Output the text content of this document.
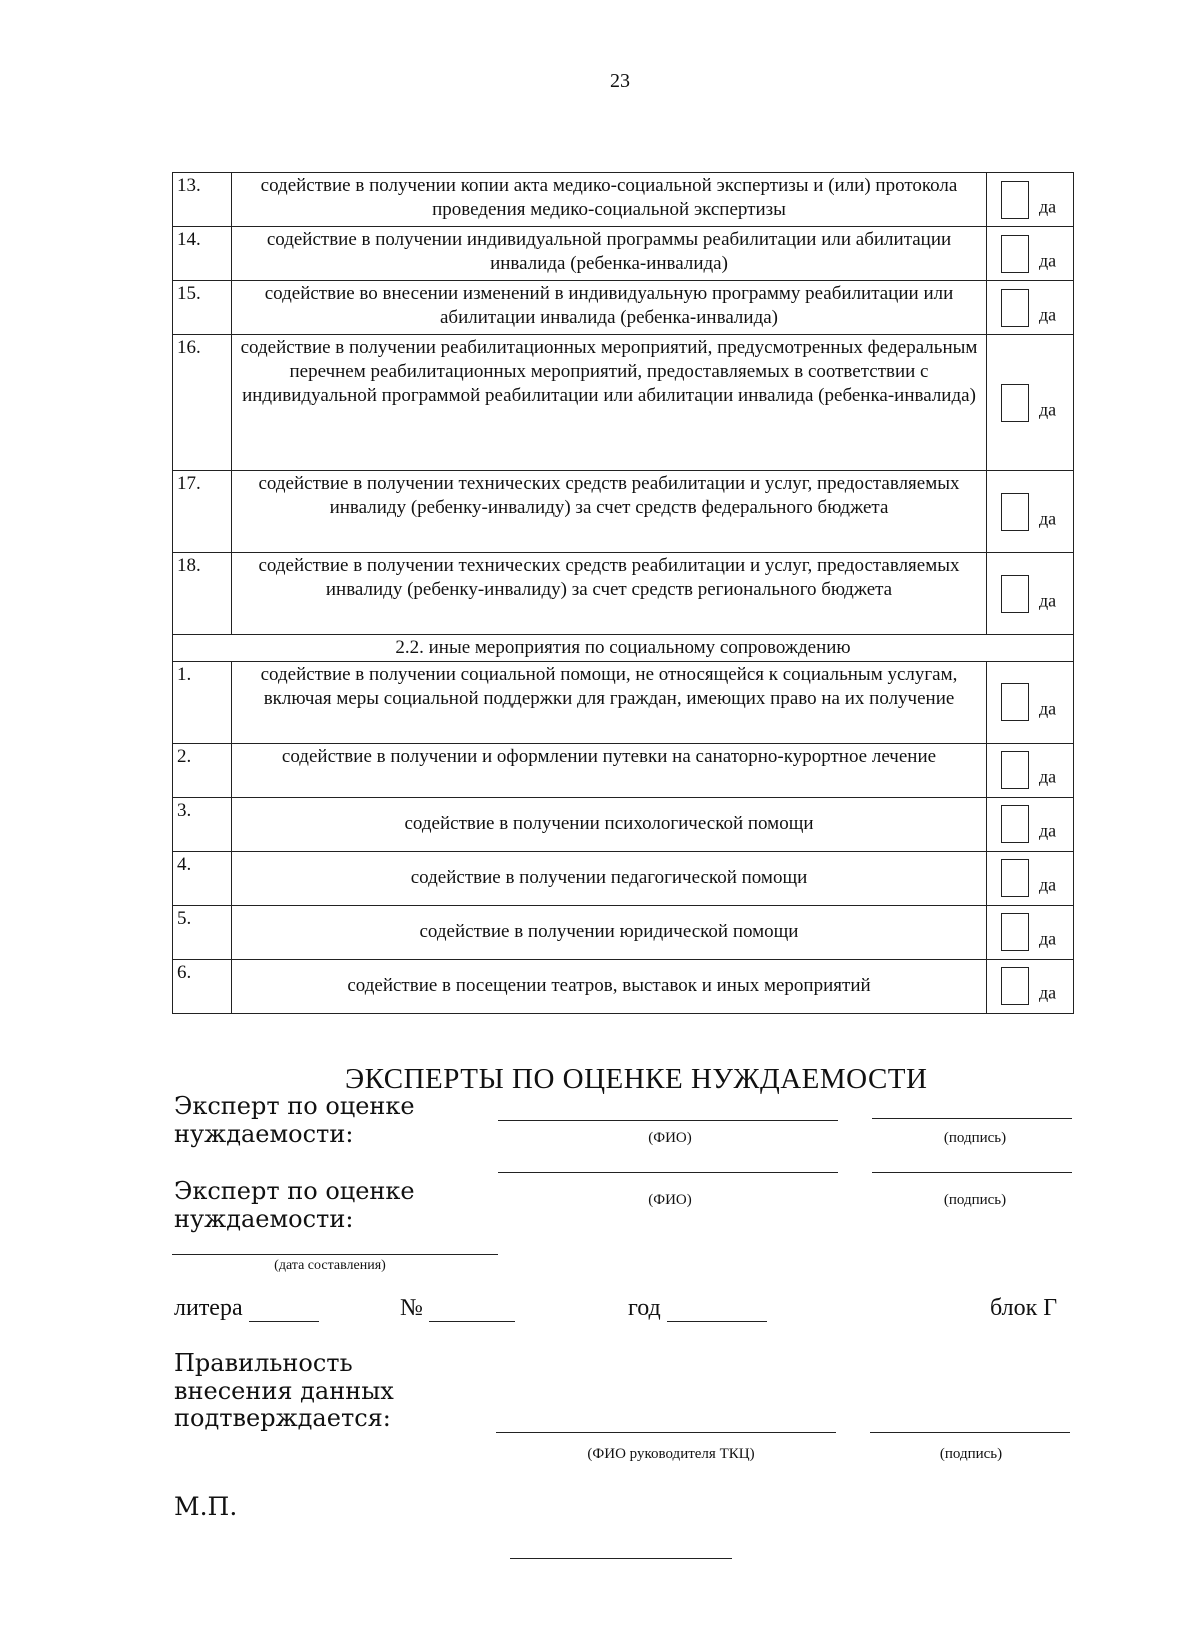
23
13.	содействие в получении копии акта медико-социальной экспертизы и (или) протокола проведения медико-социальной экспертизы	да

14.	содействие в получении индивидуальной программы реабилитации или абилитации инвалида (ребенка-инвалида)	да

15.	содействие во внесении изменений в индивидуальную программу реабилитации или абилитации инвалида (ребенка-инвалида)	да

16.	содействие в получении реабилитационных мероприятий, предусмотренных федеральным перечнем реабилитационных мероприятий, предоставляемых в соответствии с индивидуальной программой реабилитации или абилитации инвалида (ребенка-инвалида)	да

17.	содействие в получении технических средств реабилитации и услуг, предоставляемых инвалиду (ребенку-инвалиду) за счет средств федерального бюджета	да

18.	содействие в получении технических средств реабилитации и услуг, предоставляемых инвалиду (ребенку-инвалиду) за счет средств регионального бюджета	да

2.2. иные мероприятия по социальному сопровождению		
1.	содействие в получении социальной помощи, не относящейся к социальным услугам, включая меры социальной поддержки для граждан, имеющих право на их получение	да

2.	содействие в получении и оформлении путевки на санаторно-курортное лечение	да

3.	содействие в получении психологической помощи	да

4.	содействие в получении педагогической помощи	да

5.	содействие в получении юридической помощи	да

6.	содействие в посещении театров, выставок и иных мероприятий	да
ЭКСПЕРТЫ ПО ОЦЕНКЕ НУЖДАЕМОСТИ
Эксперт по оценке
нуждаемости:	(ФИО)	(подпись)
Эксперт по оценке
нуждаемости:
(ФИО)	(подпись)
(дата составления)
литера	№	год	блок Г
Правильность
внесения данных
подтверждается:
(ФИО руководителя ТКЦ)	(подпись)
М.П.
